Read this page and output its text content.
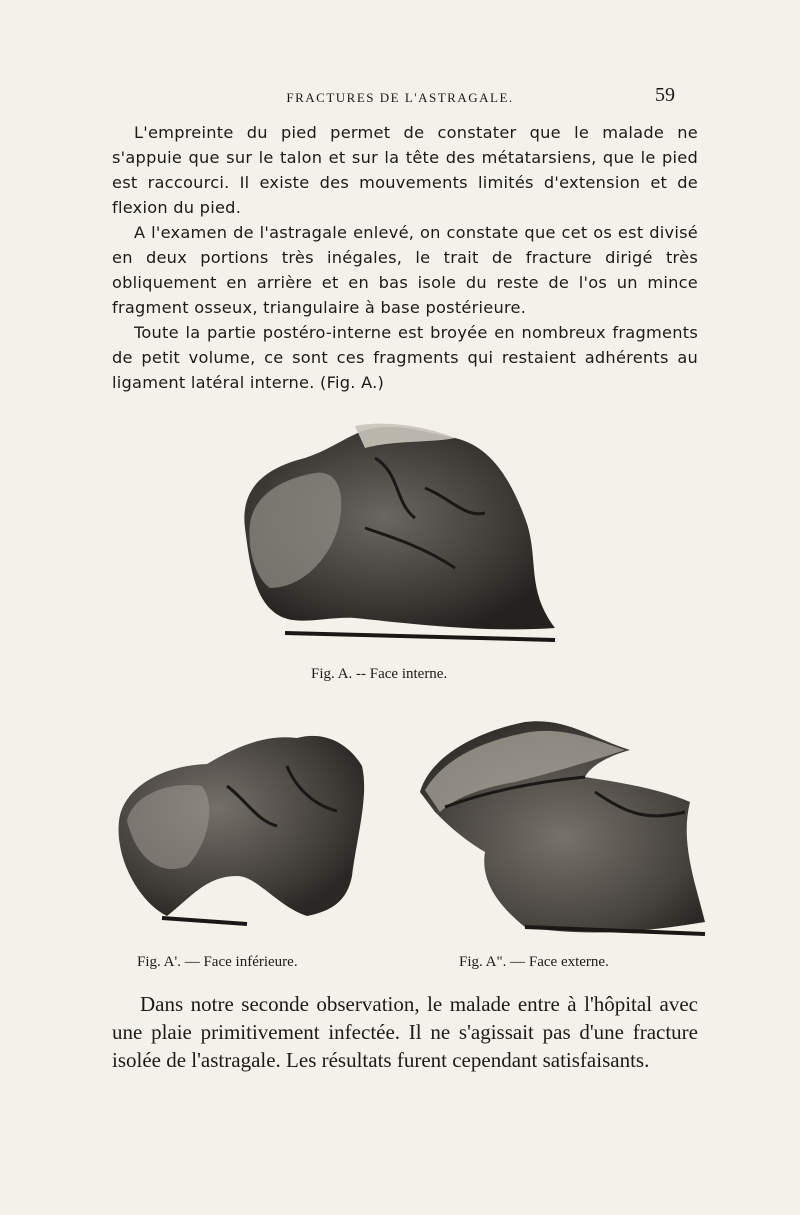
FRACTURES DE L'ASTRAGALE.	59

L'empreinte du pied permet de constater que le malade ne s'appuie que sur le talon et sur la tête des métatarsiens, que le pied est raccourci. Il existe des mouvements limités d'extension et de flexion du pied.

A l'examen de l'astragale enlevé, on constate que cet os est divisé en deux portions très inégales, le trait de fracture dirigé très obliquement en arrière et en bas isole du reste de l'os un mince fragment osseux, triangulaire à base postérieure.

Toute la partie postéro-interne est broyée en nombreux fragments de petit volume, ce sont ces fragments qui restaient adhérents au ligament latéral interne. (Fig. A.)

Fig. A. -- Face interne.
Fig. A'. — Face inférieure.	Fig. A". — Face externe.

Dans notre seconde observation, le malade entre à l'hôpital avec une plaie primitivement infectée. Il ne s'agissait pas d'une fracture isolée de l'astragale. Les résultats furent cependant satisfaisants.
